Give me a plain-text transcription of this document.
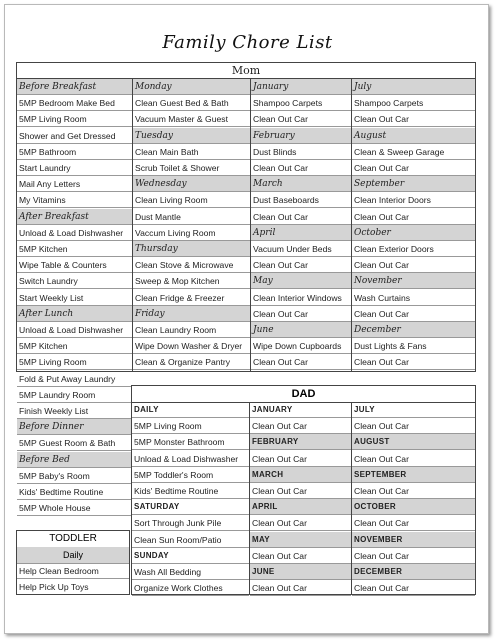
Family Chore List
Mom
Before Breakfast
5MP Bedroom Make Bed
5MP Living Room
Shower and Get Dressed
5MP Bathroom
Start Laundry
Mail Any Letters
My Vitamins
After Breakfast
Unload & Load Dishwasher
5MP Kitchen
Wipe Table & Counters
Switch Laundry
Start Weekly List
After Lunch
Unload & Load Dishwasher
5MP Kitchen
5MP Living Room
Fold & Put Away Laundry
5MP Laundry Room
Finish Weekly List
Before Dinner
5MP Guest Room & Bath
Before Bed
5MP Baby's Room
Kids' Bedtime Routine
5MP Whole House
Monday
Clean Guest Bed & Bath
Vacuum Master & Guest
Tuesday
Clean Main Bath
Scrub Toilet & Shower
Wednesday
Clean Living Room
Dust Mantle
Vaccum Living Room
Thursday
Clean Stove & Microwave
Sweep & Mop Kitchen
Clean Fridge & Freezer
Friday
Clean Laundry Room
Wipe Down Washer & Dryer
Clean & Organize Pantry
January
Shampoo Carpets
Clean Out Car
February
Dust Blinds
Clean Out Car
March
Dust Baseboards
Clean Out Car
April
Vacuum Under Beds
Clean Out Car
May
Clean Interior Windows
Clean Out Car
June
Wipe Down Cupboards
Clean Out Car
July
Shampoo Carpets
Clean Out Car
August
Clean & Sweep Garage
Clean Out Car
September
Clean Interior Doors
Clean Out Car
October
Clean Exterior Doors
Clean Out Car
November
Wash Curtains
Clean Out Car
December
Dust Lights & Fans
Clean Out Car
DAD
DAILY
5MP Living Room
5MP Monster Bathroom
Unload & Load Dishwasher
5MP Toddler's Room
Kids' Bedtime Routine
SATURDAY
Sort Through Junk Pile
Clean Sun Room/Patio
SUNDAY
Wash All Bedding
Organize Work Clothes
JANUARY
Clean Out Car
FEBRUARY
Clean Out Car
MARCH
Clean Out Car
APRIL
Clean Out Car
MAY
Clean Out Car
JUNE
Clean Out Car
JULY
Clean Out Car
AUGUST
Clean Out Car
SEPTEMBER
Clean Out Car
OCTOBER
Clean Out Car
NOVEMBER
Clean Out Car
DECEMBER
Clean Out Car
TODDLER
Daily
Help Clean Bedroom
Help Pick Up Toys
